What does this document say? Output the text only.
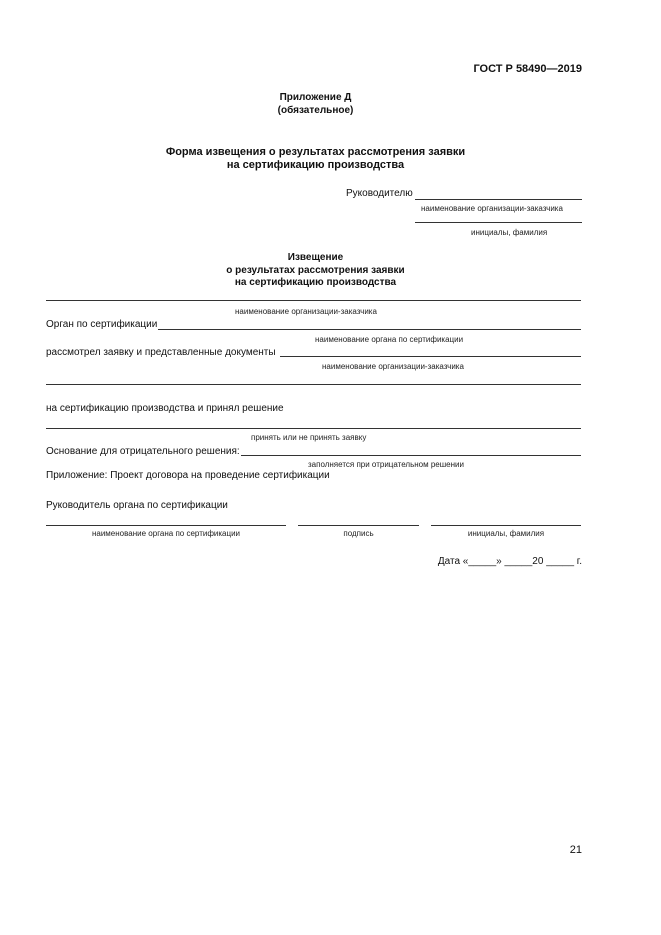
ГОСТ Р 58490—2019
Приложение Д
(обязательное)
Форма извещения о результатах рассмотрения заявки
на сертификацию производства
Руководителю
наименование организации-заказчика
инициалы, фамилия
Извещение
о результатах рассмотрения заявки
на сертификацию производства
наименование организации-заказчика
Орган по сертификации
наименование органа по сертификации
рассмотрел заявку и представленные документы
наименование организации-заказчика
на сертификацию производства и принял решение
принять или не принять заявку
Основание для отрицательного решения:
заполняется при отрицательном решении
Приложение: Проект договора на проведение сертификации
Руководитель органа по сертификации
наименование органа по сертификации	подпись	инициалы, фамилия
Дата «_____» _____20 _____ г.
21
